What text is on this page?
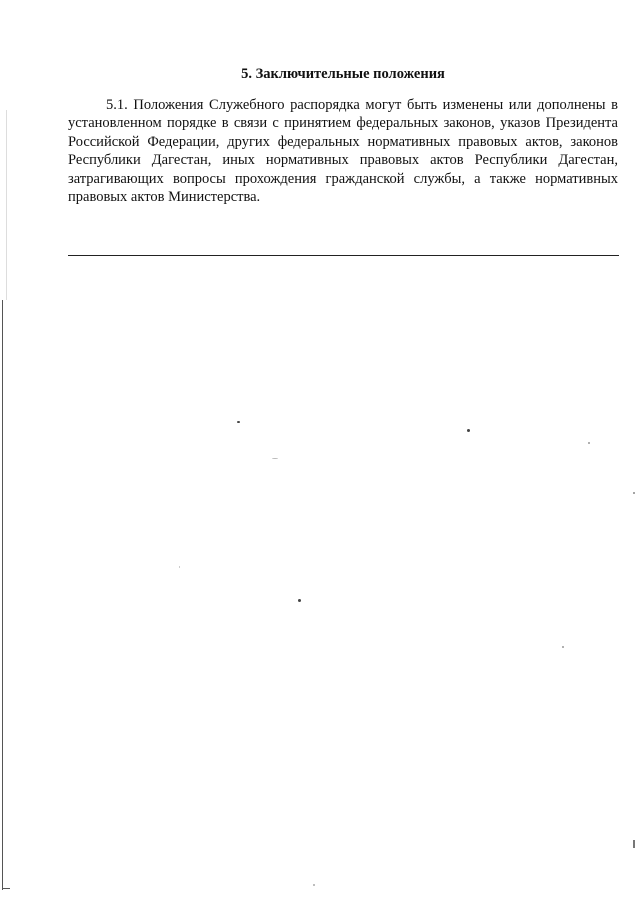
5. Заключительные положения

5.1. Положения Служебного распорядка могут быть изменены или дополнены в установленном порядке в связи с принятием федеральных законов, указов Президента Российской Федерации, других федеральных нормативных правовых актов, законов Республики Дагестан, иных нормативных правовых актов Республики Дагестан, затрагивающих вопросы прохождения гражданской службы, а также нормативных правовых актов Министерства.
